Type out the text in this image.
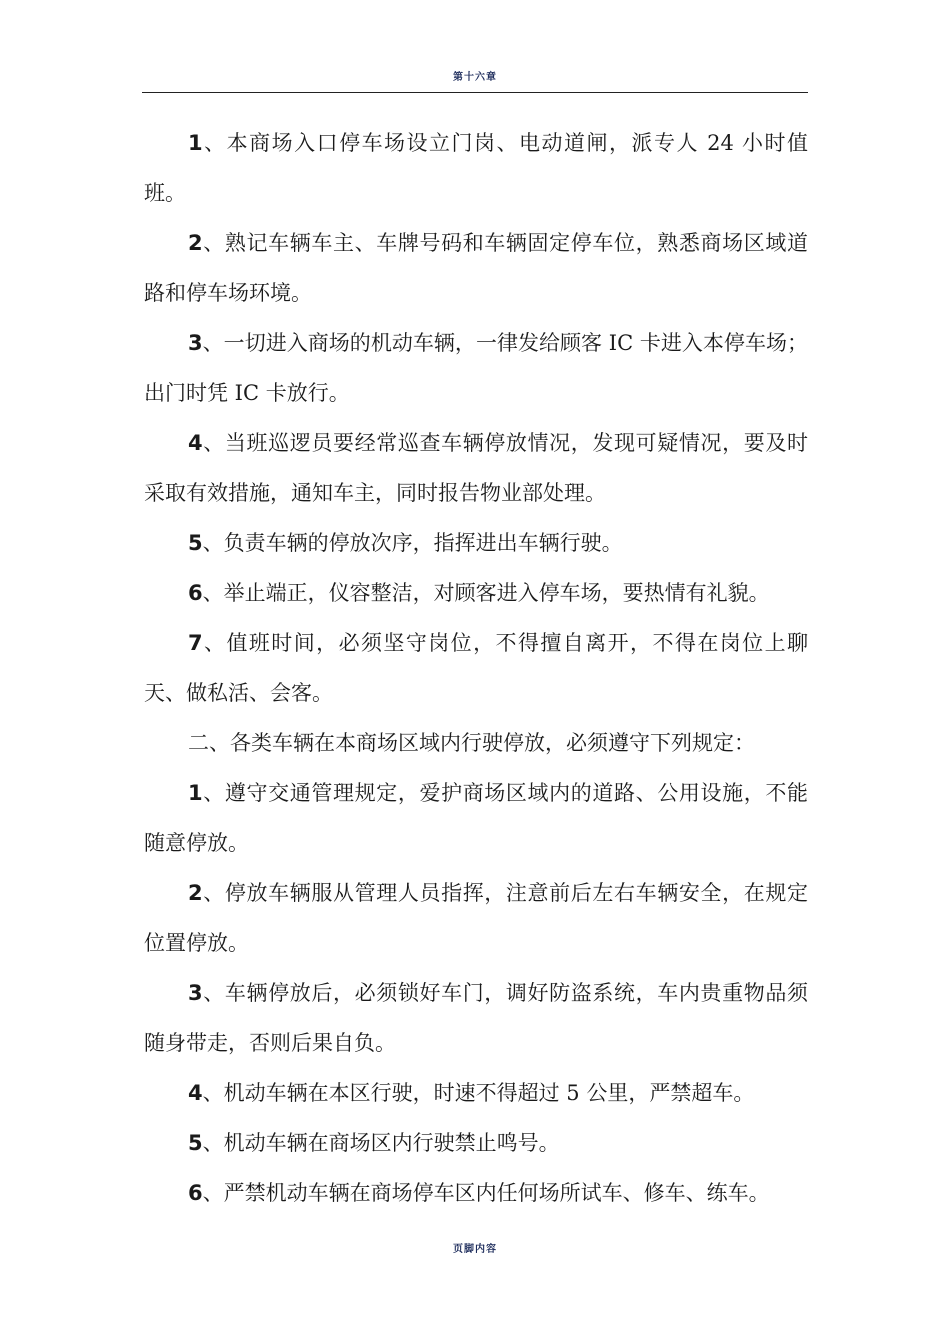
第十六章

1、本商场入口停车场设立门岗、电动道闸，派专人 24 小时值班。

2、熟记车辆车主、车牌号码和车辆固定停车位，熟悉商场区域道路和停车场环境。

3、一切进入商场的机动车辆，一律发给顾客 IC 卡进入本停车场；出门时凭 IC 卡放行。

4、当班巡逻员要经常巡查车辆停放情况，发现可疑情况，要及时采取有效措施，通知车主，同时报告物业部处理。

5、负责车辆的停放次序，指挥进出车辆行驶。

6、举止端正，仪容整洁，对顾客进入停车场，要热情有礼貌。

7、值班时间，必须坚守岗位，不得擅自离开，不得在岗位上聊天、做私活、会客。

二、各类车辆在本商场区域内行驶停放，必须遵守下列规定：

1、遵守交通管理规定，爱护商场区域内的道路、公用设施，不能随意停放。

2、停放车辆服从管理人员指挥，注意前后左右车辆安全，在规定位置停放。

3、车辆停放后，必须锁好车门，调好防盗系统，车内贵重物品须随身带走，否则后果自负。

4、机动车辆在本区行驶，时速不得超过 5 公里，严禁超车。

5、机动车辆在商场区内行驶禁止鸣号。

6、严禁机动车辆在商场停车区内任何场所试车、修车、练车。

页脚内容
